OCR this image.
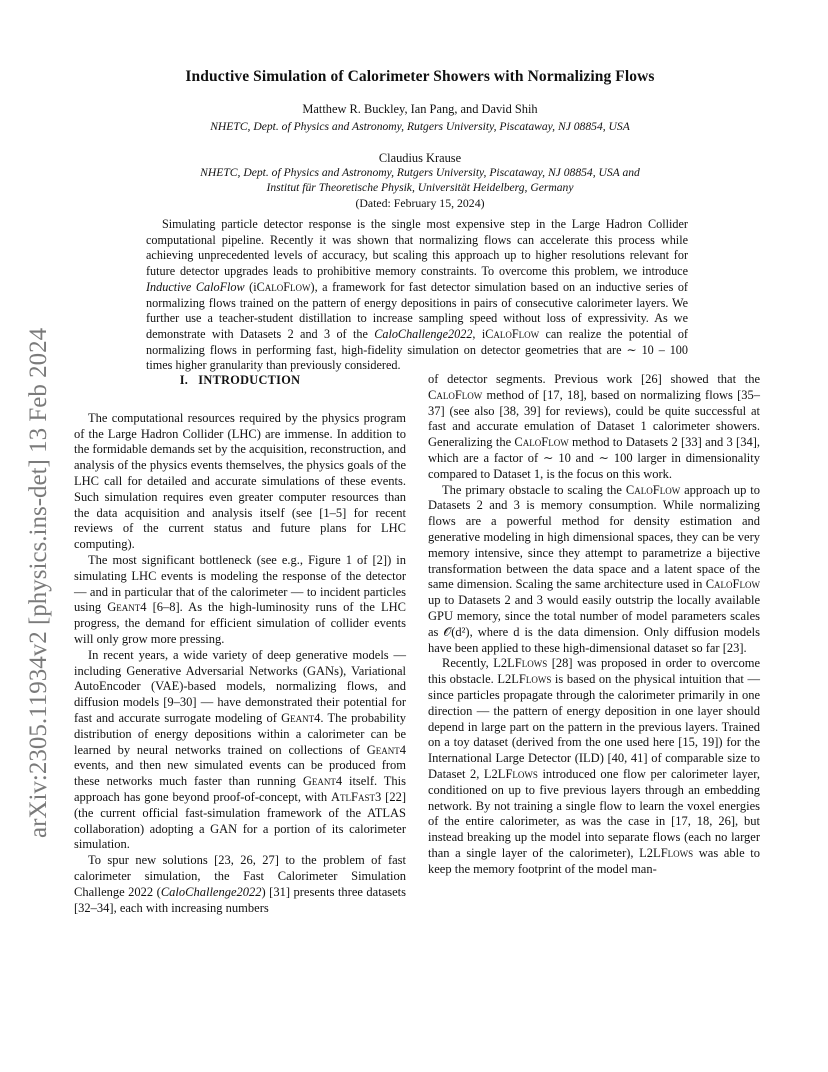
arXiv:2305.11934v2 [physics.ins-det] 13 Feb 2024
Inductive Simulation of Calorimeter Showers with Normalizing Flows
Matthew R. Buckley, Ian Pang, and David Shih
NHETC, Dept. of Physics and Astronomy, Rutgers University, Piscataway, NJ 08854, USA
Claudius Krause
NHETC, Dept. of Physics and Astronomy, Rutgers University, Piscataway, NJ 08854, USA and
Institut für Theoretische Physik, Universität Heidelberg, Germany
(Dated: February 15, 2024)

Simulating particle detector response is the single most expensive step in the Large Hadron Collider computational pipeline. Recently it was shown that normalizing flows can accelerate this process while achieving unprecedented levels of accuracy, but scaling this approach up to higher resolutions relevant for future detector upgrades leads to prohibitive memory constraints. To overcome this problem, we introduce Inductive CaloFlow (iCaloFlow), a framework for fast detector simulation based on an inductive series of normalizing flows trained on the pattern of energy depositions in pairs of consecutive calorimeter layers. We further use a teacher-student distillation to increase sampling speed without loss of expressivity. As we demonstrate with Datasets 2 and 3 of the CaloChallenge2022, iCaloFlow can realize the potential of normalizing flows in performing fast, high-fidelity simulation on detector geometries that are ∼ 10 – 100 times higher granularity than previously considered.

I. INTRODUCTION

The computational resources required by the physics program of the Large Hadron Collider (LHC) are immense. In addition to the formidable demands set by the acquisition, reconstruction, and analysis of the physics events themselves, the physics goals of the LHC call for detailed and accurate simulations of these events. Such simulation requires even greater computer resources than the data acquisition and analysis itself (see [1–5] for recent reviews of the current status and future plans for LHC computing).

The most significant bottleneck (see e.g., Figure 1 of [2]) in simulating LHC events is modeling the response of the detector — and in particular that of the calorimeter — to incident particles using Geant4 [6–8]. As the high-luminosity runs of the LHC progress, the demand for efficient simulation of collider events will only grow more pressing.

In recent years, a wide variety of deep generative models — including Generative Adversarial Networks (GANs), Variational AutoEncoder (VAE)-based models, normalizing flows, and diffusion models [9–30] — have demonstrated their potential for fast and accurate surrogate modeling of Geant4. The probability distribution of energy depositions within a calorimeter can be learned by neural networks trained on collections of Geant4 events, and then new simulated events can be produced from these networks much faster than running Geant4 itself. This approach has gone beyond proof-of-concept, with AtlFast3 [22] (the current official fast-simulation framework of the ATLAS collaboration) adopting a GAN for a portion of its calorimeter simulation.

To spur new solutions [23, 26, 27] to the problem of fast calorimeter simulation, the Fast Calorimeter Simulation Challenge 2022 (CaloChallenge2022) [31] presents three datasets [32–34], each with increasing numbers

of detector segments. Previous work [26] showed that the CaloFlow method of [17, 18], based on normalizing flows [35–37] (see also [38, 39] for reviews), could be quite successful at fast and accurate emulation of Dataset 1 calorimeter showers. Generalizing the CaloFlow method to Datasets 2 [33] and 3 [34], which are a factor of ∼ 10 and ∼ 100 larger in dimensionality compared to Dataset 1, is the focus on this work.

The primary obstacle to scaling the CaloFlow approach up to Datasets 2 and 3 is memory consumption. While normalizing flows are a powerful method for density estimation and generative modeling in high dimensional spaces, they can be very memory intensive, since they attempt to parametrize a bijective transformation between the data space and a latent space of the same dimension. Scaling the same architecture used in CaloFlow up to Datasets 2 and 3 would easily outstrip the locally available GPU memory, since the total number of model parameters scales as 𝒪(d²), where d is the data dimension. Only diffusion models have been applied to these high-dimensional dataset so far [23].

Recently, L2LFlows [28] was proposed in order to overcome this obstacle. L2LFlows is based on the physical intuition that — since particles propagate through the calorimeter primarily in one direction — the pattern of energy deposition in one layer should depend in large part on the pattern in the previous layers. Trained on a toy dataset (derived from the one used here [15, 19]) for the International Large Detector (ILD) [40, 41] of comparable size to Dataset 2, L2LFlows introduced one flow per calorimeter layer, conditioned on up to five previous layers through an embedding network. By not training a single flow to learn the voxel energies of the entire calorimeter, as was the case in [17, 18, 26], but instead breaking up the model into separate flows (each no larger than a single layer of the calorimeter), L2LFlows was able to keep the memory footprint of the model man-
